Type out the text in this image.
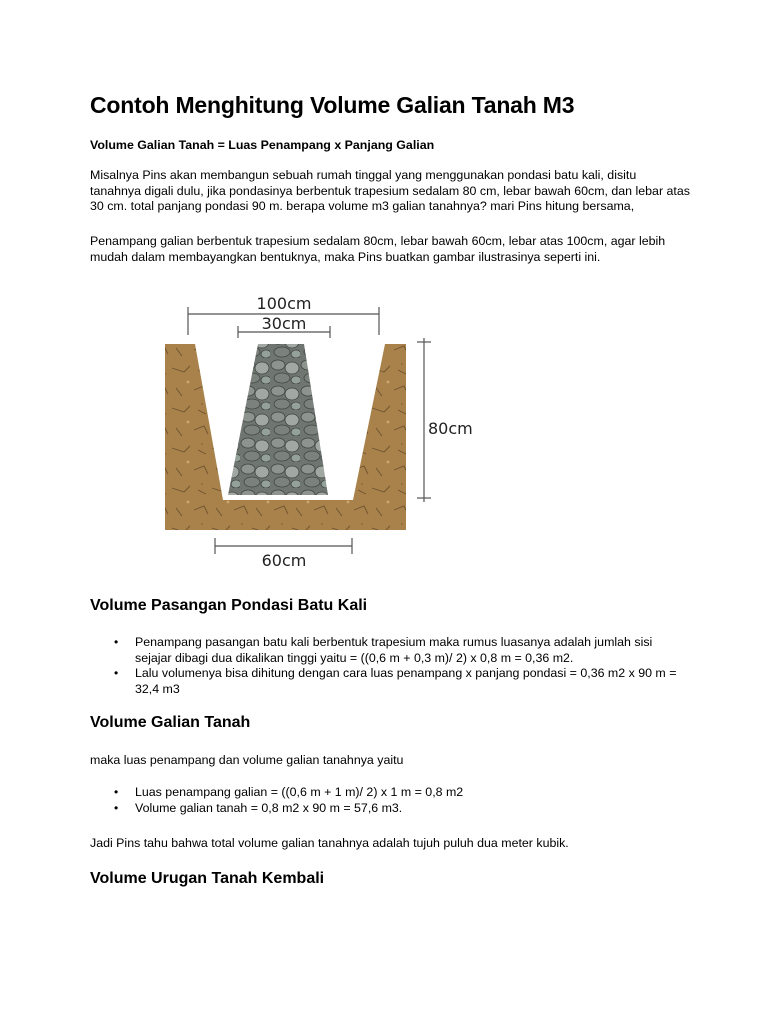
Contoh Menghitung Volume Galian Tanah M3

Volume Galian Tanah = Luas Penampang x Panjang Galian

Misalnya Pins akan membangun sebuah rumah tinggal yang menggunakan pondasi batu kali, disitu tanahnya digali dulu, jika pondasinya berbentuk trapesium sedalam 80 cm, lebar bawah 60cm, dan lebar atas 30 cm. total panjang pondasi 90 m. berapa volume m3 galian tanahnya? mari Pins hitung bersama,

Penampang galian berbentuk trapesium sedalam 80cm, lebar bawah 60cm, lebar atas 100cm, agar lebih mudah dalam membayangkan bentuknya, maka Pins buatkan gambar ilustrasinya seperti ini.

100cm
30cm
80cm
60cm
Volume Pasangan Pondasi Batu Kali
• Penampang pasangan batu kali berbentuk trapesium maka rumus luasanya adalah jumlah sisi sejajar dibagi dua dikalikan tinggi yaitu = ((0,6 m + 0,3 m)/ 2) x 0,8 m = 0,36 m2.
• Lalu volumenya bisa dihitung dengan cara luas penampang x panjang pondasi = 0,36 m2 x 90 m = 32,4 m3
Volume Galian Tanah

maka luas penampang dan volume galian tanahnya yaitu

• Luas penampang galian = ((0,6 m + 1 m)/ 2) x 1 m = 0,8 m2
• Volume galian tanah = 0,8 m2 x 90 m = 57,6 m3.

Jadi Pins tahu bahwa total volume galian tanahnya adalah tujuh puluh dua meter kubik.

Volume Urugan Tanah Kembali
